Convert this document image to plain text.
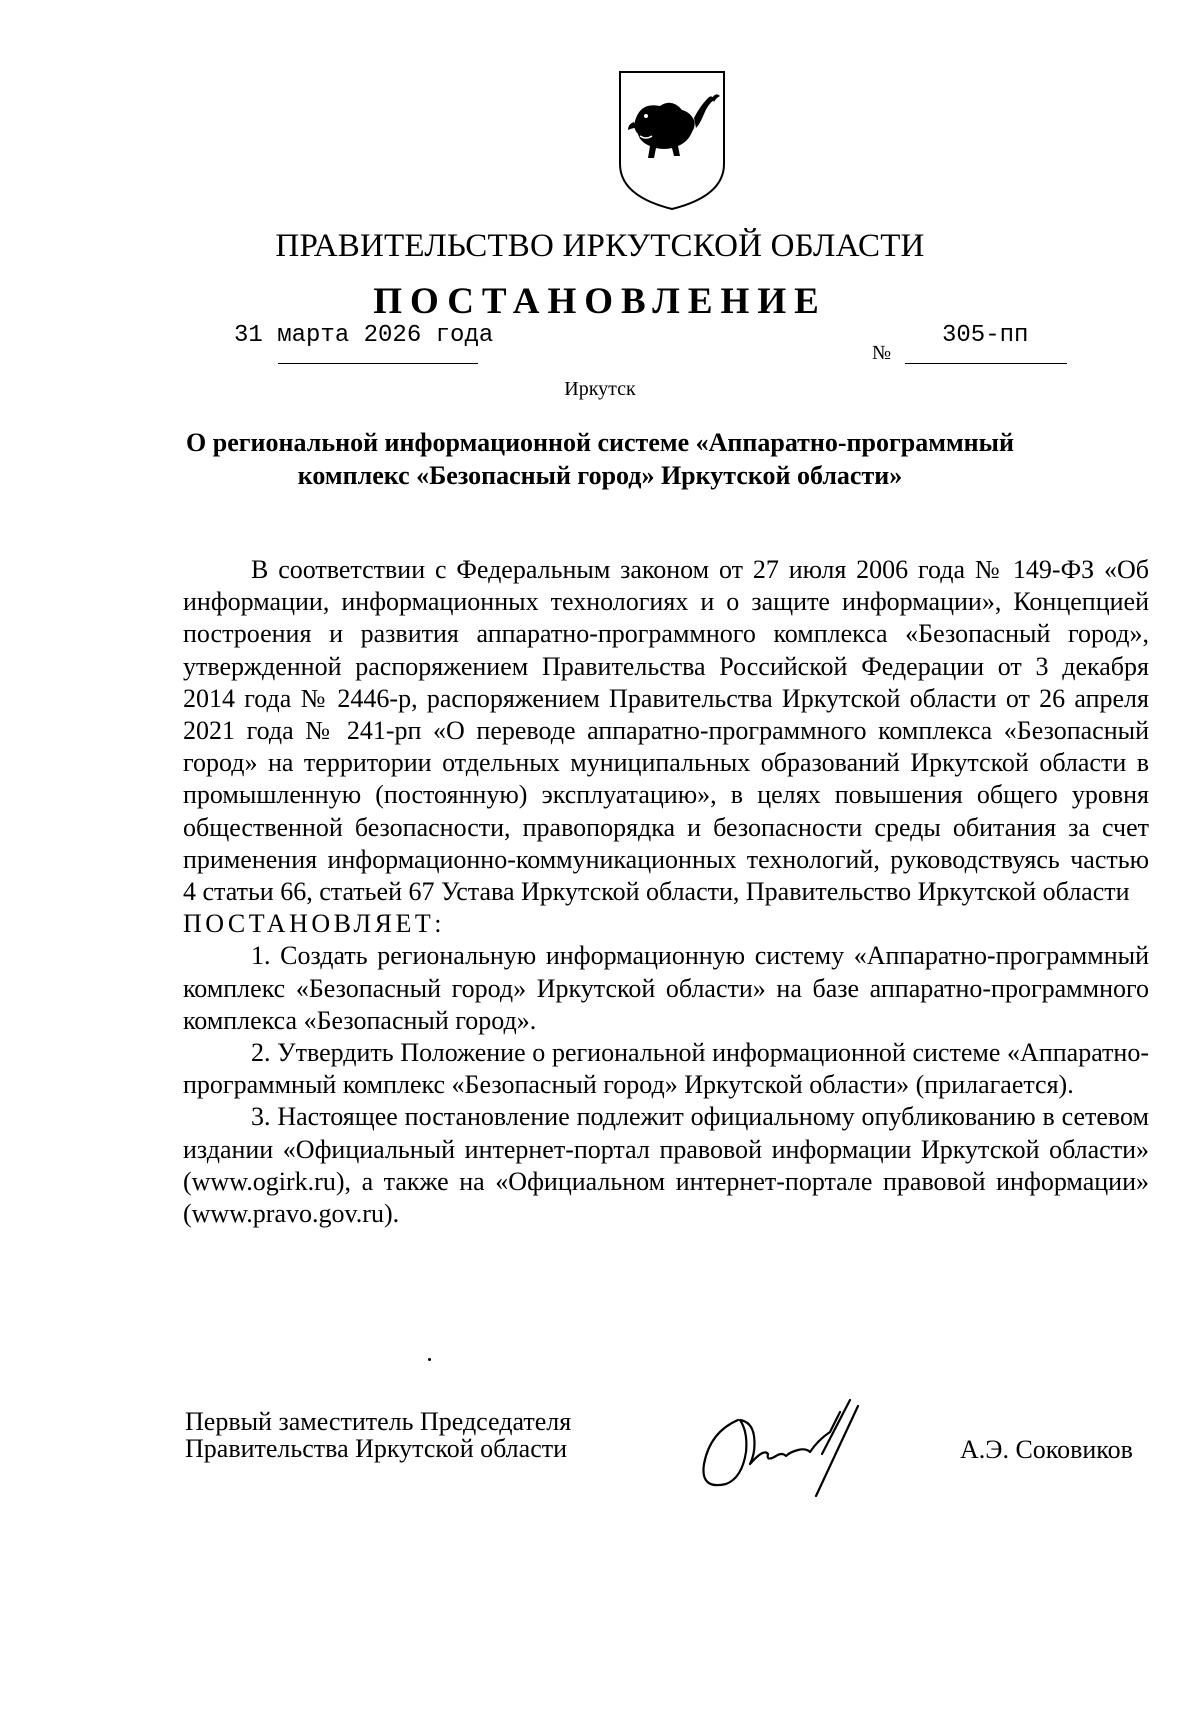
ПРАВИТЕЛЬСТВО ИРКУТСКОЙ ОБЛАСТИ
ПОСТАНОВЛЕНИЕ
31 марта 2026 года
№
305-пп
Иркутск
О региональной информационной системе «Аппаратно-программный
комплекс «Безопасный город» Иркутской области»

В соответствии с Федеральным законом от 27 июля 2006 года № 149-ФЗ «Об информации, информационных технологиях и о защите информации», Концепцией построения и развития аппаратно-программного комплекса «Безопасный город», утвержденной распоряжением Правительства Российской Федерации от 3 декабря 2014 года № 2446-р, распоряжением Правительства Иркутской области от 26 апреля 2021 года № 241-рп «О переводе аппаратно-программного комплекса «Безопасный город» на территории отдельных муниципальных образований Иркутской области в промышленную (постоянную) эксплуатацию», в целях повышения общего уровня общественной безопасности, правопорядка и безопасности среды обитания за счет применения информационно-коммуникационных технологий, руководствуясь частью 4 статьи 66, статьей 67 Устава Иркутской области, Правительство Иркутской области

ПОСТАНОВЛЯЕТ:

1. Создать региональную информационную систему «Аппаратно-программный комплекс «Безопасный город» Иркутской области» на базе аппаратно-программного комплекса «Безопасный город».

2. Утвердить Положение о региональной информационной системе «Аппаратно-программный комплекс «Безопасный город» Иркутской области» (прилагается).

3. Настоящее постановление подлежит официальному опубликованию в сетевом издании «Официальный интернет-портал правовой информации Иркутской области» (www.ogirk.ru), а также на «Официальном интернет-портале правовой информации» (www.pravo.gov.ru).

Первый заместитель Председателя
Правительства Иркутской области	А.Э. Соковиков
